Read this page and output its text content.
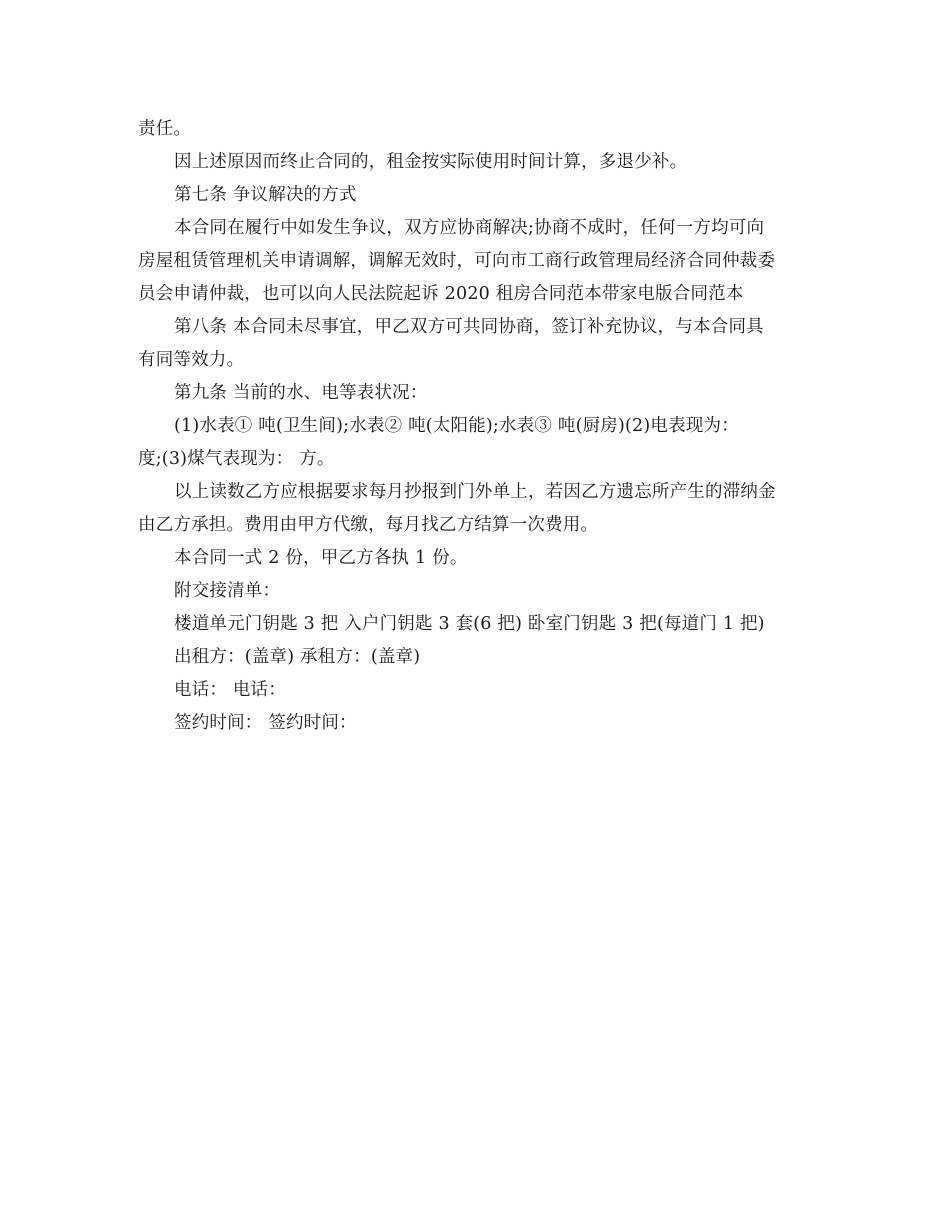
责任。

因上述原因而终止合同的，租金按实际使用时间计算，多退少补。

第七条 争议解决的方式

本合同在履行中如发生争议，双方应协商解决;协商不成时，任何一方均可向
房屋租赁管理机关申请调解，调解无效时，可向市工商行政管理局经济合同仲裁委
员会申请仲裁，也可以向人民法院起诉 2020 租房合同范本带家电版合同范本

第八条 本合同未尽事宜，甲乙双方可共同协商，签订补充协议，与本合同具
有同等效力。

第九条 当前的水、电等表状况：

(1)水表① 吨(卫生间);水表② 吨(太阳能);水表③ 吨(厨房)(2)电表现为：
度;(3)煤气表现为： 方。

以上读数乙方应根据要求每月抄报到门外单上，若因乙方遗忘所产生的滞纳金
由乙方承担。费用由甲方代缴，每月找乙方结算一次费用。

本合同一式 2 份，甲乙方各执 1 份。

附交接清单：

楼道单元门钥匙 3 把 入户门钥匙 3 套(6 把) 卧室门钥匙 3 把(每道门 1 把)

出租方：(盖章) 承租方：(盖章)

电话： 电话：

签约时间： 签约时间：
